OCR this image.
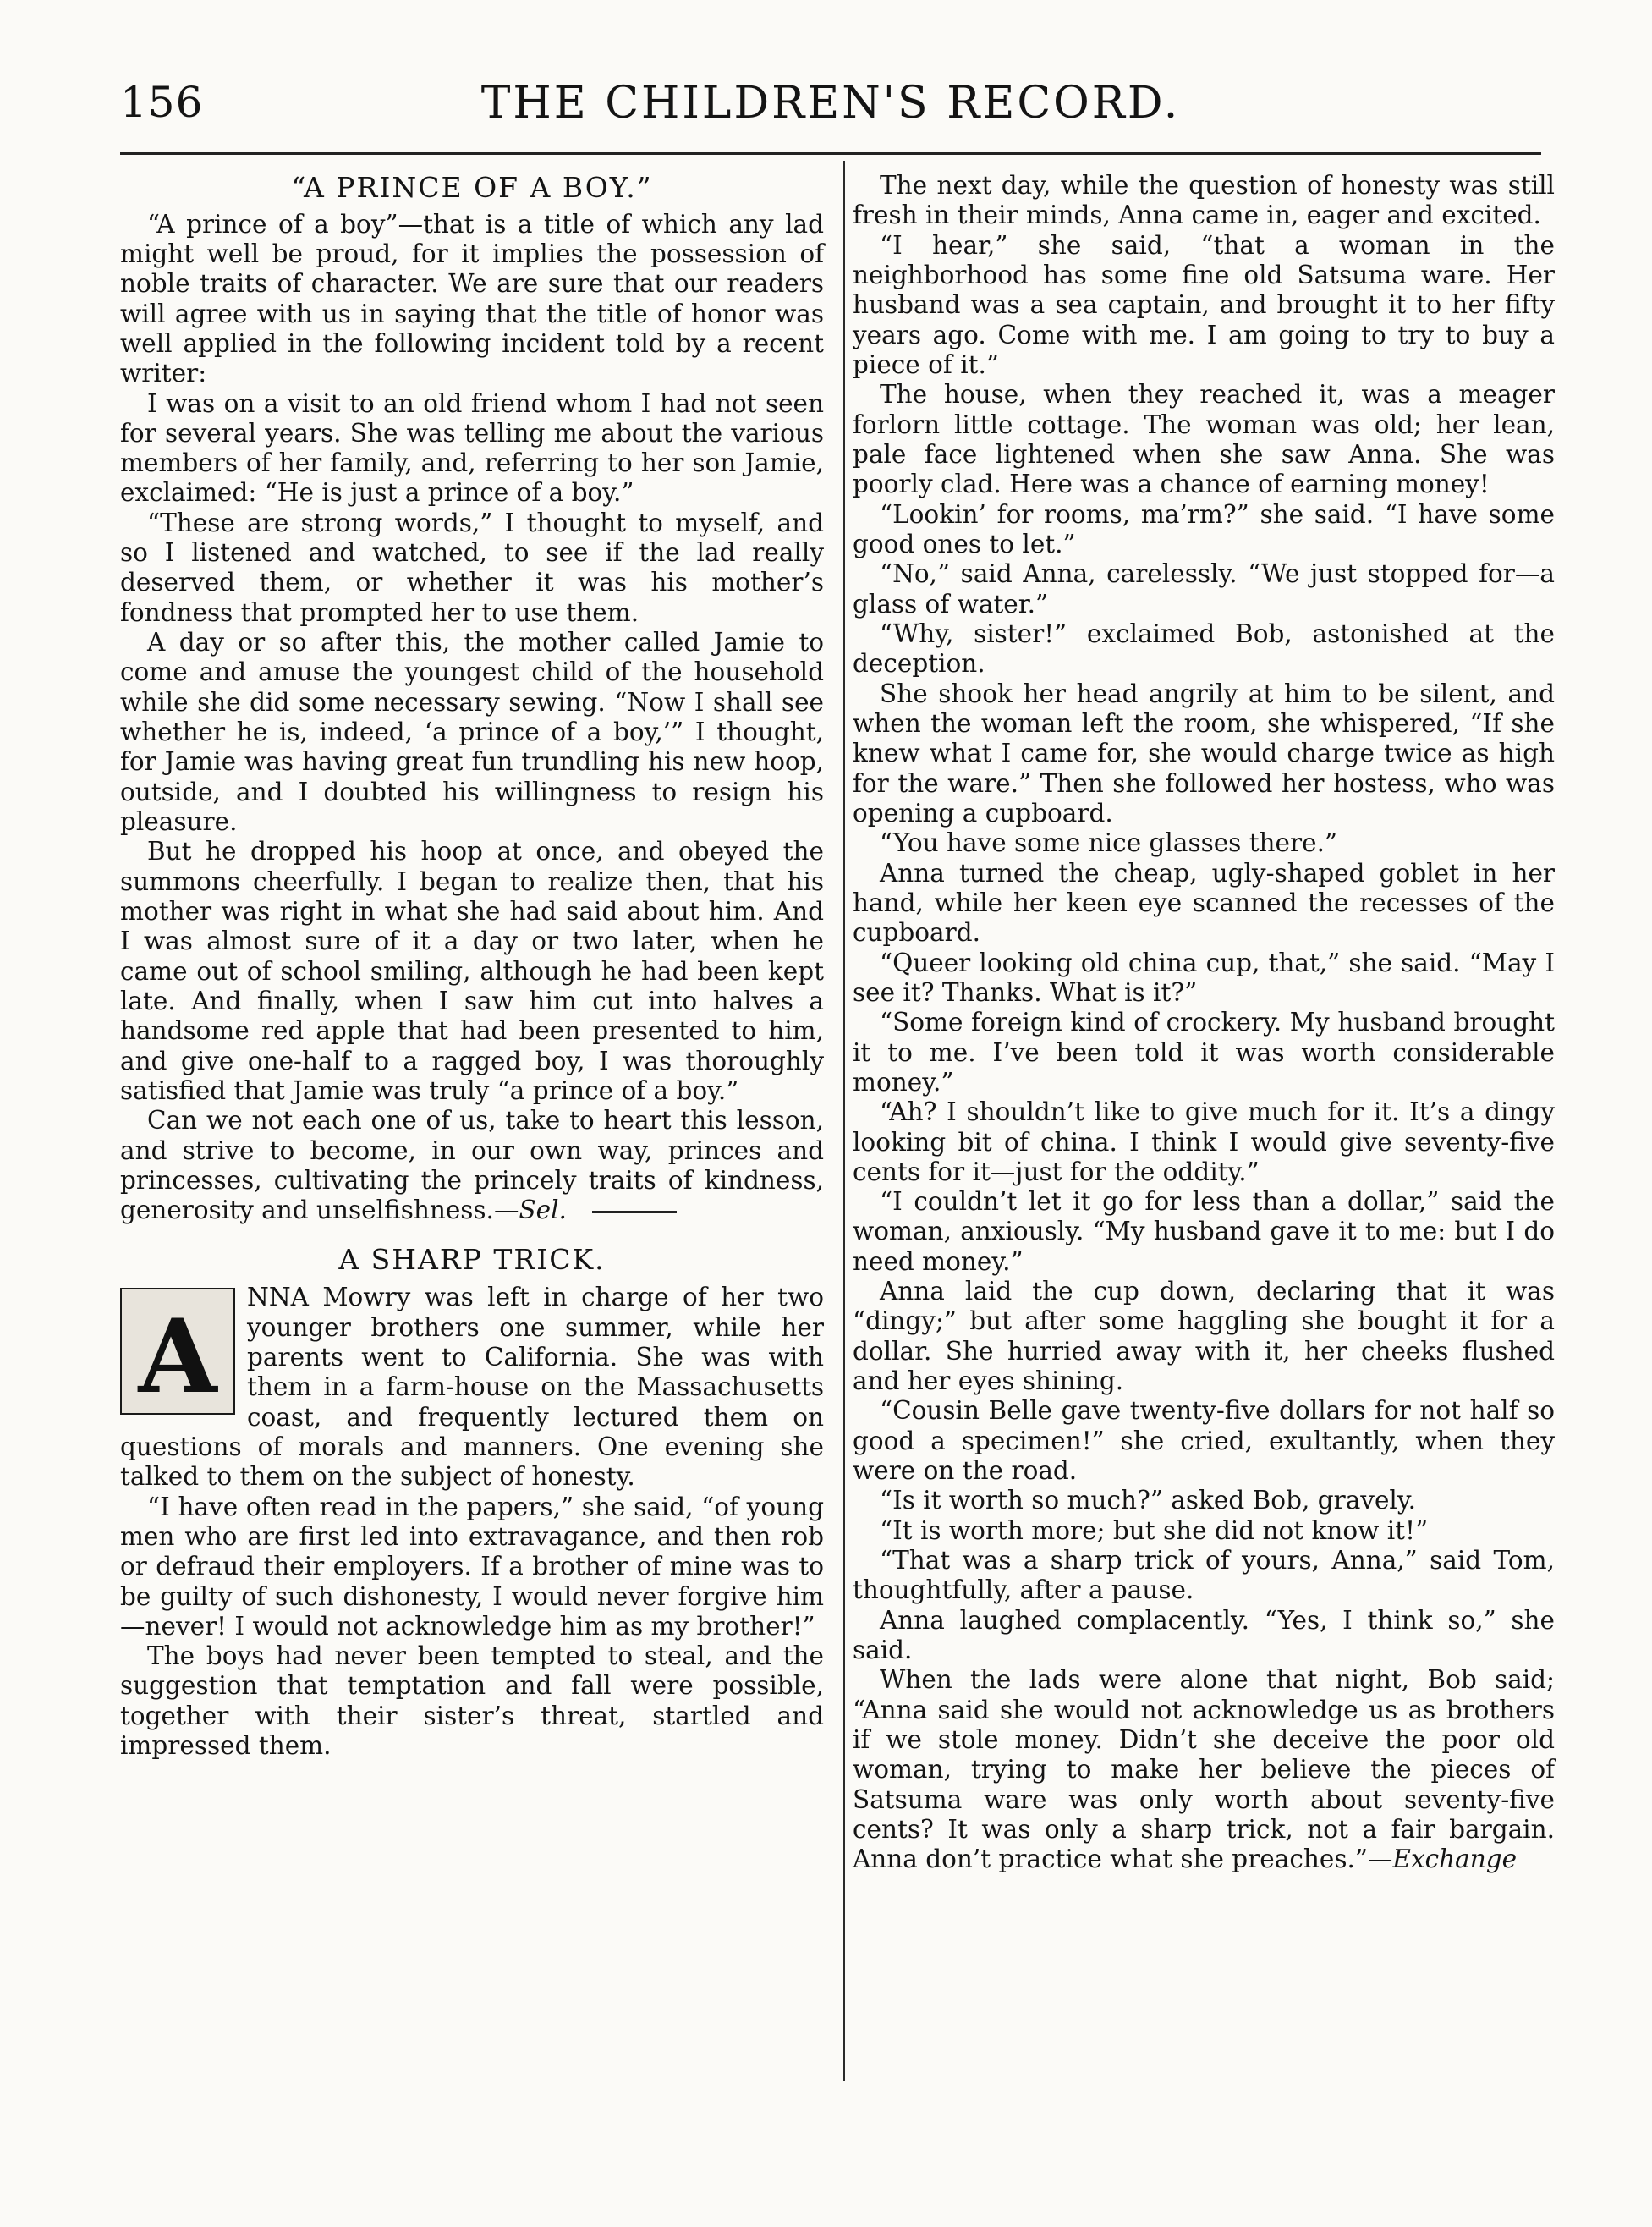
156	THE CHILDREN'S RECORD.
“A PRINCE OF A BOY.”

“A prince of a boy”—that is a title of which any lad might well be proud, for it implies the possession of noble traits of character. We are sure that our readers will agree with us in saying that the title of honor was well applied in the following incident told by a recent writer:

I was on a visit to an old friend whom I had not seen for several years. She was telling me about the various members of her family, and, referring to her son Jamie, exclaimed: “He is just a prince of a boy.”

“These are strong words,” I thought to myself, and so I listened and watched, to see if the lad really deserved them, or whether it was his mother’s fondness that prompted her to use them.

A day or so after this, the mother called Jamie to come and amuse the youngest child of the household while she did some necessary sewing. “Now I shall see whether he is, indeed, ‘a prince of a boy,’” I thought, for Jamie was having great fun trundling his new hoop, outside, and I doubted his willingness to resign his pleasure.

But he dropped his hoop at once, and obeyed the summons cheerfully. I began to realize then, that his mother was right in what she had said about him. And I was almost sure of it a day or two later, when he came out of school smiling, although he had been kept late. And finally, when I saw him cut into halves a handsome red apple that had been presented to him, and give one-half to a ragged boy, I was thoroughly satisfied that Jamie was truly “a prince of a boy.”

Can we not each one of us, take to heart this lesson, and strive to become, in our own way, princes and princesses, cultivating the princely traits of kindness, generosity and unselfishness.—Sel.

A SHARP TRICK.

A NNA Mowry was left in charge of her two younger brothers one summer, while her parents went to California. She was with them in a farm-house on the Massachusetts coast, and frequently lectured them on questions of morals and manners. One evening she talked to them on the subject of honesty.

“I have often read in the papers,” she said, “of young men who are first led into extravagance, and then rob or defraud their employers. If a brother of mine was to be guilty of such dishonesty, I would never forgive him—never! I would not acknowledge him as my brother!”

The boys had never been tempted to steal, and the suggestion that temptation and fall were possible, together with their sister’s threat, startled and impressed them.

The next day, while the question of honesty was still fresh in their minds, Anna came in, eager and excited.

“I hear,” she said, “that a woman in the neighborhood has some fine old Satsuma ware. Her husband was a sea captain, and brought it to her fifty years ago. Come with me. I am going to try to buy a piece of it.”

The house, when they reached it, was a meager forlorn little cottage. The woman was old; her lean, pale face lightened when she saw Anna. She was poorly clad. Here was a chance of earning money!

“Lookin’ for rooms, ma’rm?” she said. “I have some good ones to let.”

“No,” said Anna, carelessly. “We just stopped for—a glass of water.”

“Why, sister!” exclaimed Bob, astonished at the deception.

She shook her head angrily at him to be silent, and when the woman left the room, she whispered, “If she knew what I came for, she would charge twice as high for the ware.” Then she followed her hostess, who was opening a cupboard.

“You have some nice glasses there.”

Anna turned the cheap, ugly-shaped goblet in her hand, while her keen eye scanned the recesses of the cupboard.

“Queer looking old china cup, that,” she said. “May I see it? Thanks. What is it?”

“Some foreign kind of crockery. My husband brought it to me. I’ve been told it was worth considerable money.”

“Ah? I shouldn’t like to give much for it. It’s a dingy looking bit of china. I think I would give seventy-five cents for it—just for the oddity.”

“I couldn’t let it go for less than a dollar,” said the woman, anxiously. “My husband gave it to me: but I do need money.”

Anna laid the cup down, declaring that it was “dingy;” but after some haggling she bought it for a dollar. She hurried away with it, her cheeks flushed and her eyes shining.

“Cousin Belle gave twenty-five dollars for not half so good a specimen!” she cried, exultantly, when they were on the road.

“Is it worth so much?” asked Bob, gravely.

“It is worth more; but she did not know it!”

“That was a sharp trick of yours, Anna,” said Tom, thoughtfully, after a pause.

Anna laughed complacently. “Yes, I think so,” she said.

When the lads were alone that night, Bob said; “Anna said she would not acknowledge us as brothers if we stole money. Didn’t she deceive the poor old woman, trying to make her believe the pieces of Satsuma ware was only worth about seventy-five cents? It was only a sharp trick, not a fair bargain. Anna don’t practice what she preaches.”—Exchange
